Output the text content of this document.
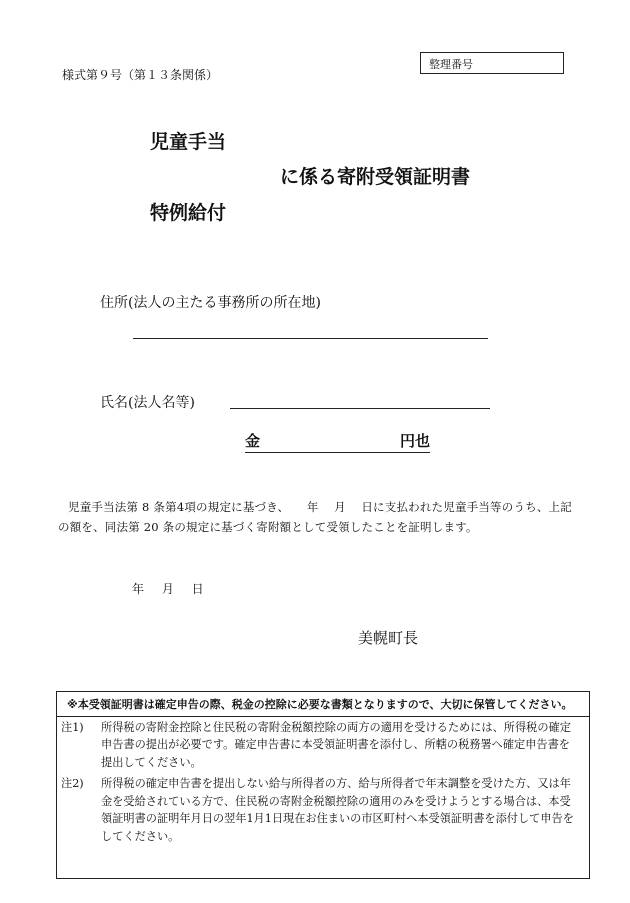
様式第９号（第１３条関係）
整理番号
児童手当
に係る寄附受領証明書
特例給付
住所(法人の主たる事務所の所在地)
氏名(法人名等)
金	円也
児童手当法第 8 条第4項の規定に基づき、　　年　 月　 日に支払われた児童手当等のうち、上記の額を、同法第 20 条の規定に基づく寄附額として受領したことを証明します。
年 月 日
美幌町長
※本受領証明書は確定申告の際、税金の控除に必要な書類となりますので、大切に保管してください。
注1) 所得税の寄附金控除と住民税の寄附金税額控除の両方の適用を受けるためには、所得税の確定申告書の提出が必要です。確定申告書に本受領証明書を添付し、所轄の税務署へ確定申告書を提出してください。
注2) 所得税の確定申告書を提出しない給与所得者の方、給与所得者で年末調整を受けた方、又は年金を受給されている方で、住民税の寄附金税額控除の適用のみを受けようとする場合は、本受領証明書の証明年月日の翌年1月1日現在お住まいの市区町村へ本受領証明書を添付して申告をしてください。
